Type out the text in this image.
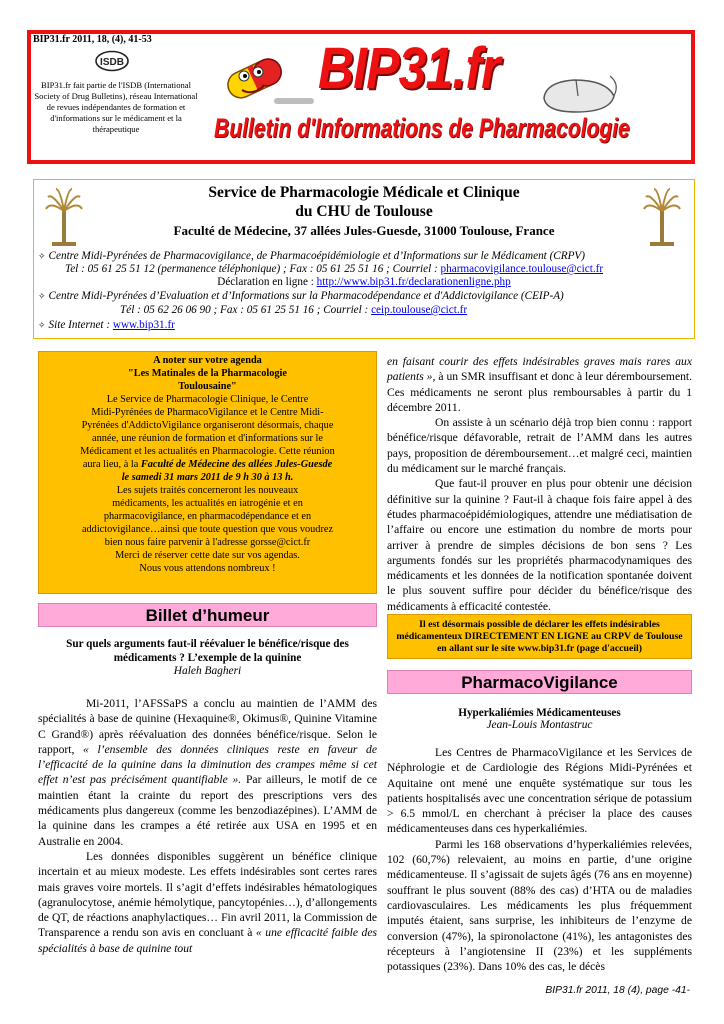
BIP31.fr 2011, 18, (4), 41-53
ISDB
BIP31.fr fait partie de l'ISDB (International Society of Drug Bulletins), réseau International de revues indépendantes de formation et d'informations sur le médicament et la thérapeutique
BIP31.fr
Bulletin d'Informations de Pharmacologie
Service de Pharmacologie Médicale et Clinique
du CHU de Toulouse
Faculté de Médecine, 37 allées Jules-Guesde, 31000 Toulouse, France
✧ Centre Midi-Pyrénées de Pharmacovigilance, de Pharmacoépidémiologie et d’Informations sur le Médicament (CRPV)
Tel : 05 61 25 51 12 (permanence téléphonique) ; Fax : 05 61 25 51 16 ; Courriel : pharmacovigilance.toulouse@cict.fr
Déclaration en ligne : http://www.bip31.fr/declarationenligne.php
✧ Centre Midi-Pyrénées d’Evaluation et d’Informations sur la Pharmacodépendance et d'Addictovigilance (CEIP-A)
Tél : 05 62 26 06 90 ; Fax : 05 61 25 51 16 ; Courriel : ceip.toulouse@cict.fr
✧ Site Internet : www.bip31.fr
A noter sur votre agenda
"Les Matinales de la Pharmacologie
Toulousaine"
Le Service de Pharmacologie Clinique, le Centre
Midi-Pyrénées de PharmacoVigilance et le Centre Midi-
Pyrénées d'AddictoVigilance organiseront désormais, chaque
année, une réunion de formation et d'informations sur le
Médicament et les actualités en Pharmacologie. Cette réunion
aura lieu, à la Faculté de Médecine des allées Jules-Guesde
le samedi 31 mars 2011 de 9 h 30 à 13 h.
Les sujets traités concerneront les nouveaux
médicaments, les actualités en iatrogénie et en
pharmacovigilance, en pharmacodépendance et en
addictovigilance…ainsi que toute question que vous voudrez
bien nous faire parvenir à l'adresse gorsse@cict.fr
Merci de réserver cette date sur vos agendas.
Nous vous attendons nombreux !
Billet d’humeur
Sur quels arguments faut-il réévaluer le bénéfice/risque des médicaments ? L’exemple de la quinine
Haleh Bagheri

Mi-2011, l’AFSSaPS a conclu au maintien de l’AMM des spécialités à base de quinine (Hexaquine®, Okimus®, Quinine Vitamine C Grand®) après réévaluation des données bénéfice/risque. Selon le rapport, « l’ensemble des données cliniques reste en faveur de l’efficacité de la quinine dans la diminution des crampes même si cet effet n’est pas précisément quantifiable ». Par ailleurs, le motif de ce maintien étant la crainte du report des prescriptions vers des médicaments plus dangereux (comme les benzodiazépines). L’AMM de la quinine dans les crampes a été retirée aux USA en 1995 et en Australie en 2004.

Les données disponibles suggèrent un bénéfice clinique incertain et au mieux modeste. Les effets indésirables sont certes rares mais graves voire mortels. Il s’agit d’effets indésirables hématologiques (agranulocytose, anémie hémolytique, pancytopénies…), d’allongements de QT, de réactions anaphylactiques… Fin avril 2011, la Commission de Transparence a rendu son avis en concluant à « une efficacité faible des spécialités à base de quinine tout

en faisant courir des effets indésirables graves mais rares aux patients », à un SMR insuffisant et donc à leur déremboursement. Ces médicaments ne seront plus remboursables à partir du 1 décembre 2011.

On assiste à un scénario déjà trop bien connu : rapport bénéfice/risque défavorable, retrait de l’AMM dans les autres pays, proposition de déremboursement…et malgré ceci, maintien du médicament sur le marché français.

Que faut-il prouver en plus pour obtenir une décision définitive sur la quinine ? Faut-il à chaque fois faire appel à des études pharmacoépidémiologiques, attendre une médiatisation de l’affaire ou encore une estimation du nombre de morts pour arriver à prendre de simples décisions de bon sens ? Les arguments fondés sur les propriétés pharmacodynamiques des médicaments et les données de la notification spontanée doivent le plus souvent suffire pour décider du bénéfice/risque des médicaments à efficacité contestée.

Il est désormais possible de déclarer les effets indésirables médicamenteux DIRECTEMENT EN LIGNE au CRPV de Toulouse en allant sur le site www.bip31.fr (page d'accueil)
PharmacoVigilance
Hyperkaliémies Médicamenteuses
Jean-Louis Montastruc

Les Centres de PharmacoVigilance et les Services de Néphrologie et de Cardiologie des Régions Midi-Pyrénées et Aquitaine ont mené une enquête systématique sur tous les patients hospitalisés avec une concentration sérique de potassium > 6.5 mmol/L en cherchant à préciser la place des causes médicamenteuses dans ces hyperkaliémies.

Parmi les 168 observations d’hyperkaliémies relevées, 102 (60,7%) relevaient, au moins en partie, d’une origine médicamenteuse. Il s’agissait de sujets âgés (76 ans en moyenne) souffrant le plus souvent (88% des cas) d’HTA ou de maladies cardiovasculaires. Les médicaments les plus fréquemment imputés étaient, sans surprise, les inhibiteurs de l’enzyme de conversion (47%), la spironolactone (41%), les antagonistes des récepteurs à l’angiotensine II (23%) et les suppléments potassiques (23%). Dans 10% des cas, le décès

BIP31.fr 2011, 18 (4), page -41-
